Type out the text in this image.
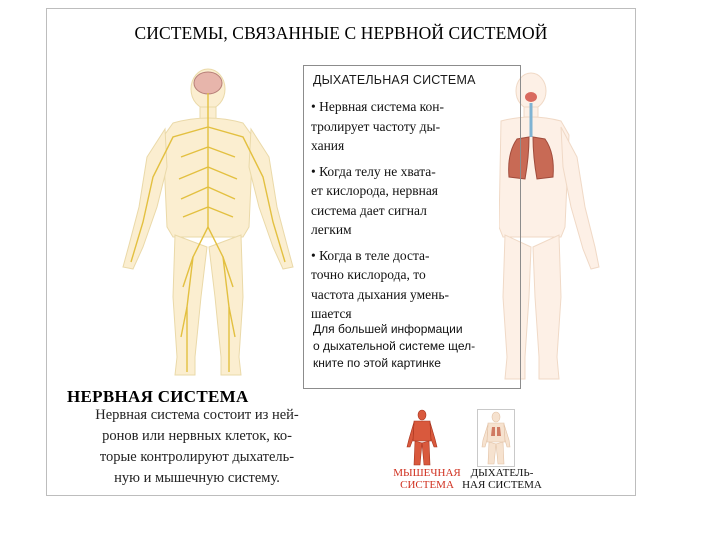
СИСТЕМЫ, СВЯЗАННЫЕ С НЕРВНОЙ СИСТЕМОЙ
ДЫХАТЕЛЬНАЯ СИСТЕМА

• Нервная система кон-
тролирует частоту ды-
хания

• Когда телу не хвата-
ет кислорода, нервная
система дает сигнал
легким

• Когда в теле доста-
точно кислорода, то
частота дыхания умень-
шается

Для большей информации
о дыхательной системе щел-
кните по этой картинке
НЕРВНАЯ СИСТЕМА
Нервная система состоит из ней-
ронов или нервных клеток, ко-
торые контролируют дыхатель-
ную и мышечную систему.	МЫШЕЧНАЯ
СИСТЕМА
ДЫХАТЕЛЬ-
НАЯ СИСТЕМА
